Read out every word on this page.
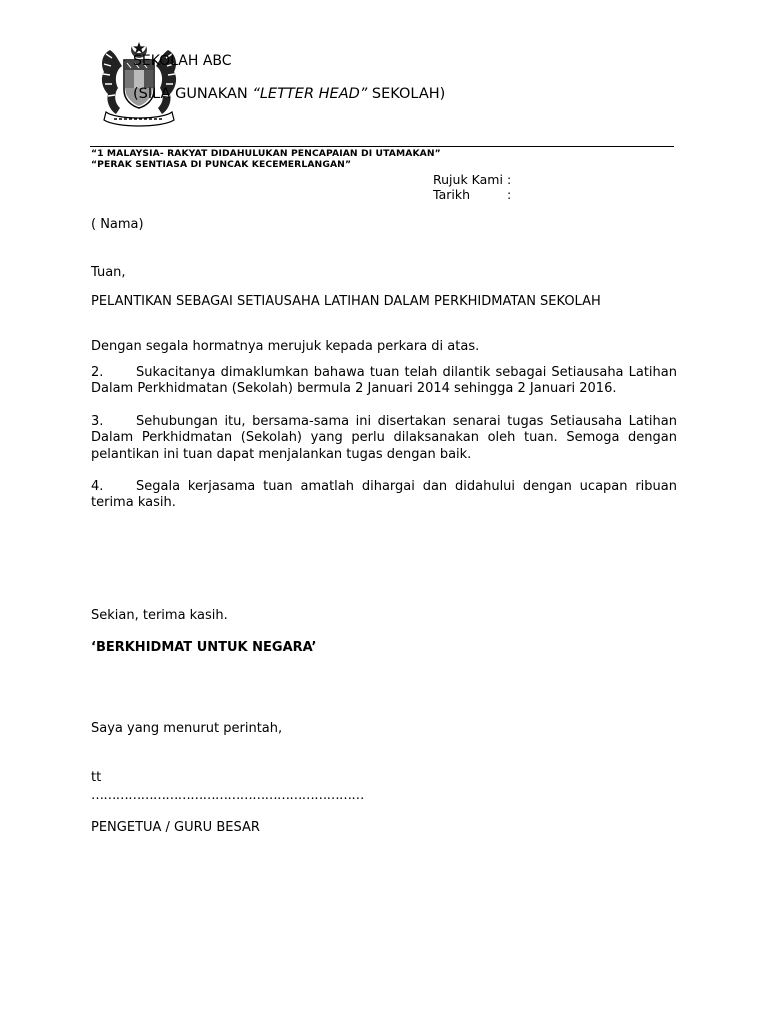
SEKOLAH ABC
(SILA GUNAKAN “LETTER HEAD” SEKOLAH)
“1 MALAYSIA- RAKYAT DIDAHULUKAN PENCAPAIAN DI UTAMAKAN”
“PERAK SENTIASA DI PUNCAK KECEMERLANGAN”
Rujuk Kami :
Tarikh	:
( Nama)
Tuan,
PELANTIKAN SEBAGAI SETIAUSAHA LATIHAN DALAM PERKHIDMATAN SEKOLAH
Dengan segala hormatnya merujuk kepada perkara di atas.
2.	Sukacitanya dimaklumkan bahawa tuan telah dilantik sebagai Setiausaha Latihan Dalam Perkhidmatan (Sekolah) bermula 2 Januari 2014 sehingga 2 Januari 2016.
3.	Sehubungan itu, bersama-sama ini disertakan senarai tugas Setiausaha Latihan Dalam Perkhidmatan (Sekolah) yang perlu dilaksanakan oleh tuan. Semoga dengan pelantikan ini tuan dapat menjalankan tugas dengan baik.
4.	Segala kerjasama tuan amatlah dihargai dan didahului dengan ucapan ribuan terima kasih.
Sekian, terima kasih.
‘BERKHIDMAT UNTUK NEGARA’
Saya yang menurut perintah,
tt
…………………………………………………………
PENGETUA / GURU BESAR
